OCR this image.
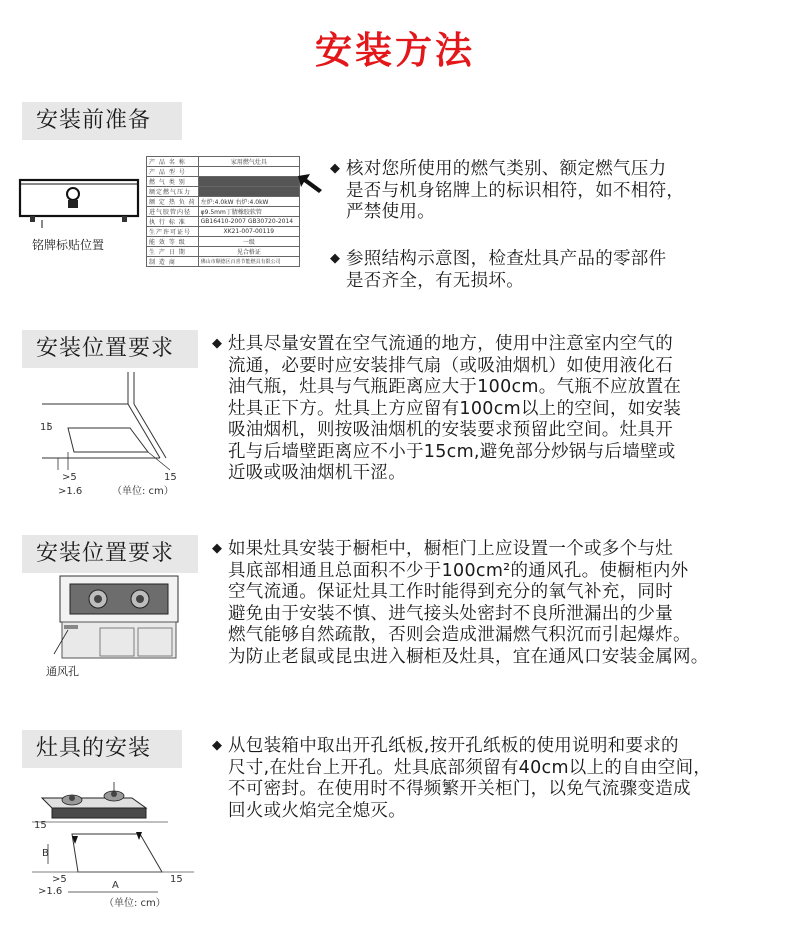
安装方法
安装前准备
铭牌标贴位置
产 品 名 称	家用燃气灶具
产 品 型 号	
燃 气 类 别	
额定燃气压力	
额 定 热 负 荷	左炉:4.0kW 右炉:4.0kW
进气胶管内径	φ9.5mm丁腈橡胶软管
执 行 标 准	GB16410-2007 GB30720-2014
生产许可证号	XK21-007-00119
能 效 等 级	一级
生 产 日 期	见合格证
制 造 商	佛山市顺德区百喜节能燃具有限公司
◆ 核对您所使用的燃气类别、额定燃气压力
是否与机身铭牌上的标识相符，如不相符，
严禁使用。
◆ 参照结构示意图，检查灶具产品的零部件
是否齐全，有无损坏。
安装位置要求
15
15
>5
>1.6	（单位: cm）
◆ 灶具尽量安置在空气流通的地方，使用中注意室内空气的
流通，必要时应安装排气扇（或吸油烟机）如使用液化石
油气瓶，灶具与气瓶距离应大于100cm。气瓶不应放置在
灶具正下方。灶具上方应留有100cm以上的空间，如安装
吸油烟机，则按吸油烟机的安装要求预留此空间。灶具开
孔与后墙壁距离应不小于15cm,避免部分炒锅与后墙壁或
近吸或吸油烟机干涩。
安装位置要求
通风孔
◆ 如果灶具安装于橱柜中，橱柜门上应设置一个或多个与灶
具底部相通且总面积不少于100cm²的通风孔。使橱柜内外
空气流通。保证灶具工作时能得到充分的氧气补充，同时
避免由于安装不慎、进气接头处密封不良所泄漏出的少量
燃气能够自然疏散，否则会造成泄漏燃气积沉而引起爆炸。
为防止老鼠或昆虫进入橱柜及灶具，宜在通风口安装金属网。
灶具的安装
15
B
15
>5
>1.6
A
（单位: cm）
◆ 从包装箱中取出开孔纸板,按开孔纸板的使用说明和要求的
尺寸,在灶台上开孔。灶具底部须留有40cm以上的自由空间，
不可密封。在使用时不得频繁开关柜门，以免气流骤变造成
回火或火焰完全熄灭。
